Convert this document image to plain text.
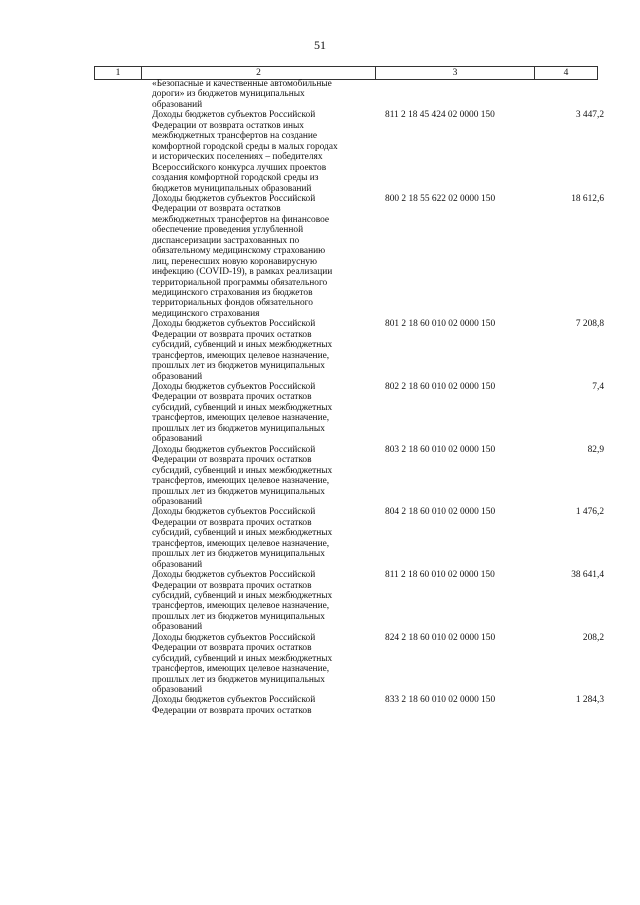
51
1	2	3	4
«Безопасные и качественные автомобильные
дороги» из бюджетов муниципальных
образований
Доходы бюджетов субъектов Российской
Федерации от возврата остатков иных
межбюджетных трансфертов на создание
комфортной городской среды в малых городах
и исторических поселениях – победителях
Всероссийского конкурса лучших проектов
создания комфортной городской среды из
бюджетов муниципальных образований
811 2 18 45 424 02 0000 150	3 447,2
Доходы бюджетов субъектов Российской
Федерации от возврата остатков
межбюджетных трансфертов на финансовое
обеспечение проведения углубленной
диспансеризации застрахованных по
обязательному медицинскому страхованию
лиц, перенесших новую коронавирусную
инфекцию (COVID-19), в рамках реализации
территориальной программы обязательного
медицинского страхования из бюджетов
территориальных фондов обязательного
медицинского страхования
800 2 18 55 622 02 0000 150	18 612,6
Доходы бюджетов субъектов Российской
Федерации от возврата прочих остатков
субсидий, субвенций и иных межбюджетных
трансфертов, имеющих целевое назначение,
прошлых лет из бюджетов муниципальных
образований
801 2 18 60 010 02 0000 150	7 208,8
Доходы бюджетов субъектов Российской
Федерации от возврата прочих остатков
субсидий, субвенций и иных межбюджетных
трансфертов, имеющих целевое назначение,
прошлых лет из бюджетов муниципальных
образований
802 2 18 60 010 02 0000 150	7,4
Доходы бюджетов субъектов Российской
Федерации от возврата прочих остатков
субсидий, субвенций и иных межбюджетных
трансфертов, имеющих целевое назначение,
прошлых лет из бюджетов муниципальных
образований
803 2 18 60 010 02 0000 150	82,9
Доходы бюджетов субъектов Российской
Федерации от возврата прочих остатков
субсидий, субвенций и иных межбюджетных
трансфертов, имеющих целевое назначение,
прошлых лет из бюджетов муниципальных
образований
804 2 18 60 010 02 0000 150	1 476,2
Доходы бюджетов субъектов Российской
Федерации от возврата прочих остатков
субсидий, субвенций и иных межбюджетных
трансфертов, имеющих целевое назначение,
прошлых лет из бюджетов муниципальных
образований
811 2 18 60 010 02 0000 150	38 641,4
Доходы бюджетов субъектов Российской
Федерации от возврата прочих остатков
субсидий, субвенций и иных межбюджетных
трансфертов, имеющих целевое назначение,
прошлых лет из бюджетов муниципальных
образований
824 2 18 60 010 02 0000 150	208,2
Доходы бюджетов субъектов Российской
Федерации от возврата прочих остатков
833 2 18 60 010 02 0000 150	1 284,3
